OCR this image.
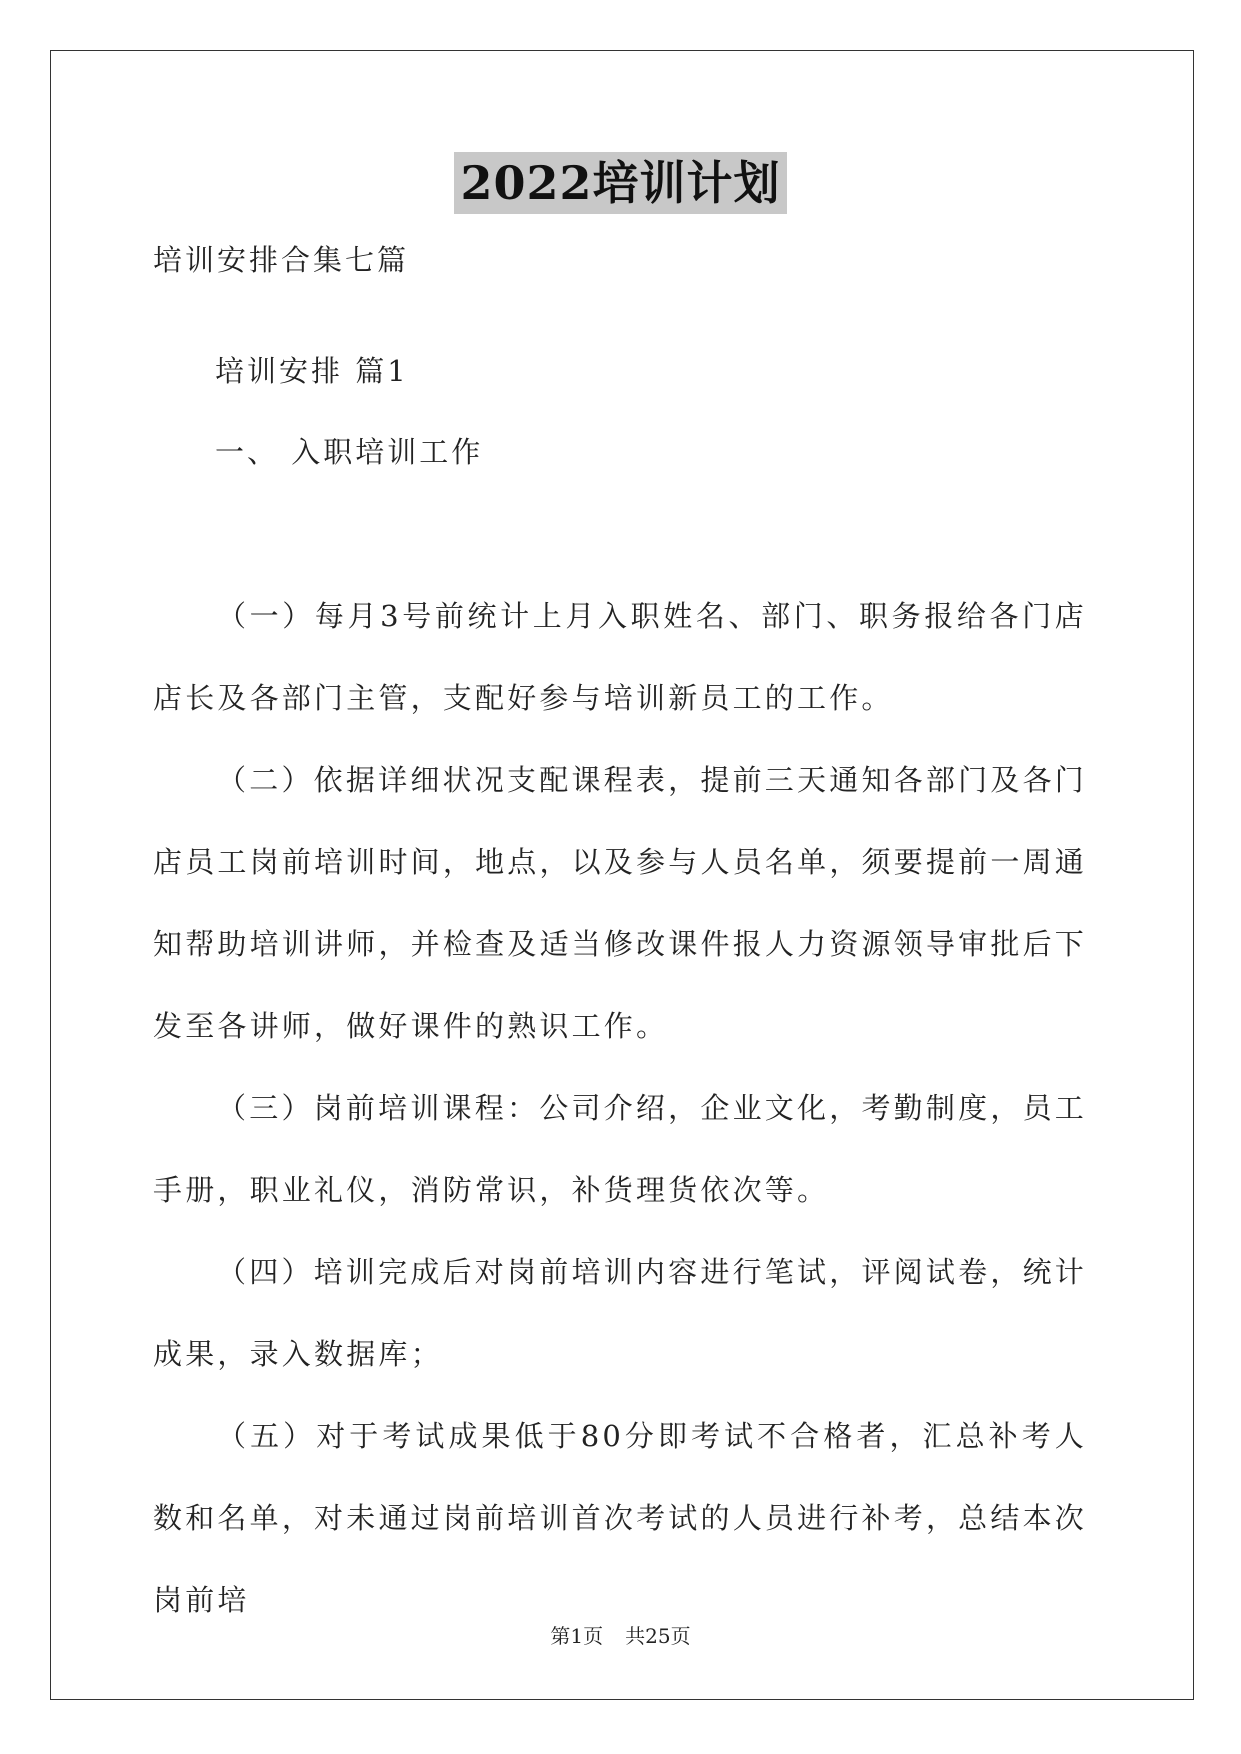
2022培训计划
培训安排合集七篇
培训安排 篇1
一、 入职培训工作

（一）每月3号前统计上月入职姓名、部门、职务报给各门店店长及各部门主管，支配好参与培训新员工的工作。

（二）依据详细状况支配课程表，提前三天通知各部门及各门店员工岗前培训时间，地点，以及参与人员名单，须要提前一周通知帮助培训讲师，并检查及适当修改课件报人力资源领导审批后下发至各讲师，做好课件的熟识工作。

（三）岗前培训课程：公司介绍，企业文化，考勤制度，员工手册，职业礼仪，消防常识，补货理货依次等。

（四）培训完成后对岗前培训内容进行笔试，评阅试卷，统计成果，录入数据库；

（五）对于考试成果低于80分即考试不合格者，汇总补考人数和名单，对未通过岗前培训首次考试的人员进行补考，总结本次岗前培

第1页 共25页
